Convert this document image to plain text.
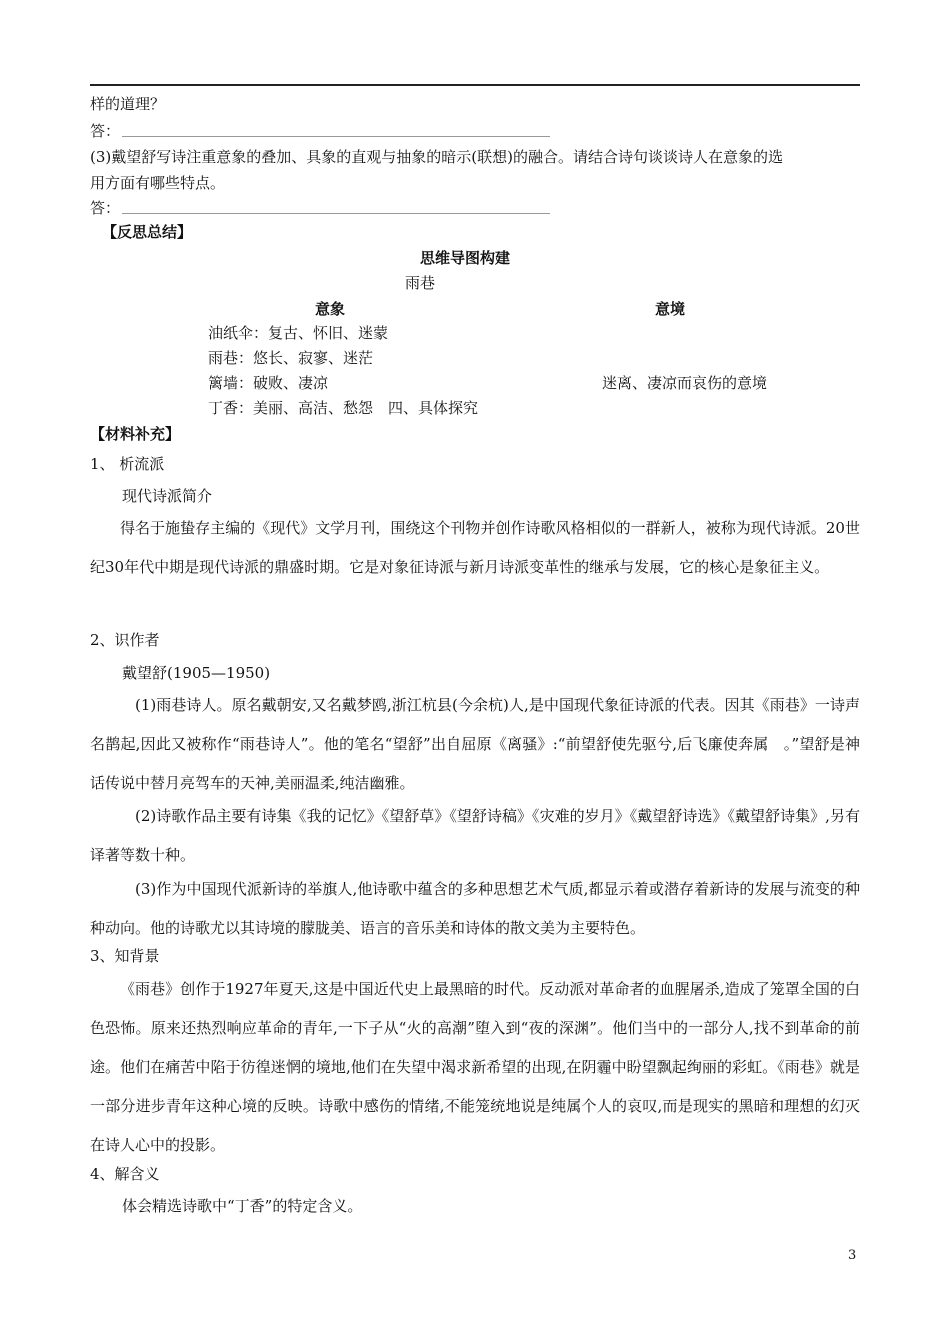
样的道理？
答：
(3)戴望舒写诗注重意象的叠加、具象的直观与抽象的暗示(联想)的融合。请结合诗句谈谈诗人在意象的选
用方面有哪些特点。
答：
【反思总结】
思维导图构建
雨巷
意象	意境
油纸伞：复古、怀旧、迷蒙
雨巷：悠长、寂寥、迷茫
篱墙：破败、凄凉	迷离、凄凉而哀伤的意境
丁香：美丽、高洁、愁怨　四、具体探究
【材料补充】
1、 析流派
现代诗派简介
得名于施蛰存主编的《现代》文学月刊，围绕这个刊物并创作诗歌风格相似的一群新人，被称为现代诗派。20世纪30年代中期是现代诗派的鼎盛时期。它是对象征诗派与新月诗派变革性的继承与发展，它的核心是象征主义。
2、识作者
戴望舒(1905—1950)
(1)雨巷诗人。原名戴朝安,又名戴梦鸥,浙江杭县(今余杭)人,是中国现代象征诗派的代表。因其《雨巷》一诗声名鹊起,因此又被称作“雨巷诗人”。他的笔名“望舒”出自屈原《离骚》:“前望舒使先驱兮,后飞廉使奔属　。”望舒是神话传说中替月亮驾车的天神,美丽温柔,纯洁幽雅。
(2)诗歌作品主要有诗集《我的记忆》《望舒草》《望舒诗稿》《灾难的岁月》《戴望舒诗选》《戴望舒诗集》,另有译著等数十种。
(3)作为中国现代派新诗的举旗人,他诗歌中蕴含的多种思想艺术气质,都显示着或潜存着新诗的发展与流变的种种动向。他的诗歌尤以其诗境的朦胧美、语言的音乐美和诗体的散文美为主要特色。
3、知背景
《雨巷》创作于1927年夏天,这是中国近代史上最黑暗的时代。反动派对革命者的血腥屠杀,造成了笼罩全国的白色恐怖。原来还热烈响应革命的青年,一下子从“火的高潮”堕入到“夜的深渊”。他们当中的一部分人,找不到革命的前途。他们在痛苦中陷于彷徨迷惘的境地,他们在失望中渴求新希望的出现,在阴霾中盼望飘起绚丽的彩虹。《雨巷》就是一部分进步青年这种心境的反映。诗歌中感伤的情绪,不能笼统地说是纯属个人的哀叹,而是现实的黑暗和理想的幻灭在诗人心中的投影。
4、解含义
体会精选诗歌中“丁香”的特定含义。
3
